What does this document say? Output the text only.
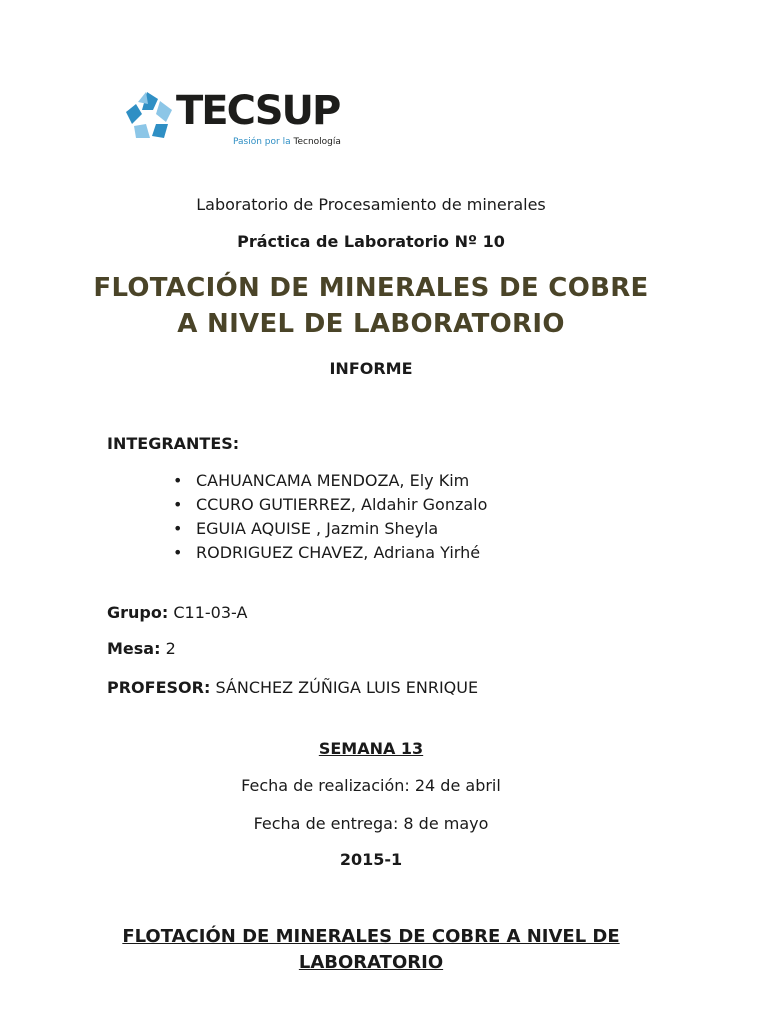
TECSUP
Pasión por la Tecnología
Laboratorio de Procesamiento de minerales
Práctica de Laboratorio Nº 10
FLOTACIÓN DE MINERALES DE COBRE
A NIVEL DE LABORATORIO
INFORME
INTEGRANTES:
• CAHUANCAMA MENDOZA, Ely Kim
• CCURO GUTIERREZ, Aldahir Gonzalo
• EGUIA AQUISE , Jazmin Sheyla
• RODRIGUEZ CHAVEZ, Adriana Yirhé
Grupo: C11-03-A
Mesa: 2
PROFESOR: SÁNCHEZ ZÚÑIGA LUIS ENRIQUE
SEMANA 13
Fecha de realización: 24 de abril
Fecha de entrega: 8 de mayo
2015-1
FLOTACIÓN DE MINERALES DE COBRE A NIVEL DE
LABORATORIO
